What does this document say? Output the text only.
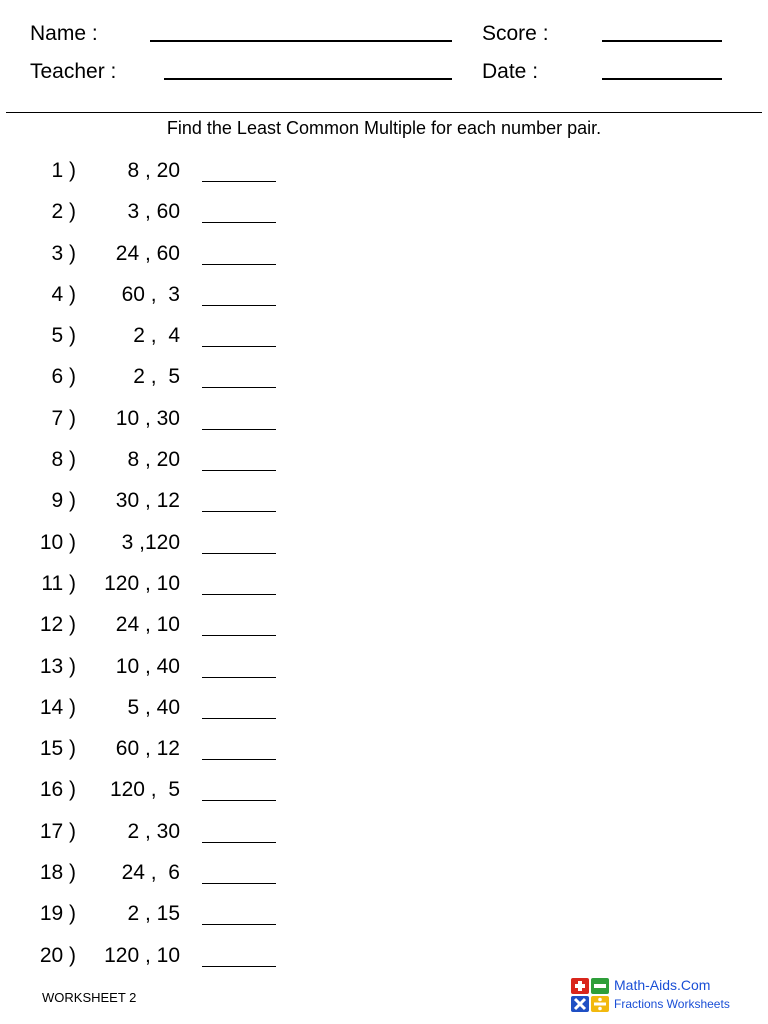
Name :	Score :
Teacher :	Date :
Find the Least Common Multiple for each number pair.
1 )	8 , 20
2 )	3 , 60
3 )	24 , 60
4 )	60 ,  3
5 )	2 ,  4
6 )	2 ,  5
7 )	10 , 30
8 )	8 , 20
9 )	30 , 12
10 )	3 ,120
11 )	120 , 10
12 )	24 , 10
13 )	10 , 40
14 )	5 , 40
15 )	60 , 12
16 )	120 ,  5
17 )	2 , 30
18 )	24 ,  6
19 )	2 , 15
20 )	120 , 10
WORKSHEET 2
Math-Aids.Com
Fractions Worksheets
